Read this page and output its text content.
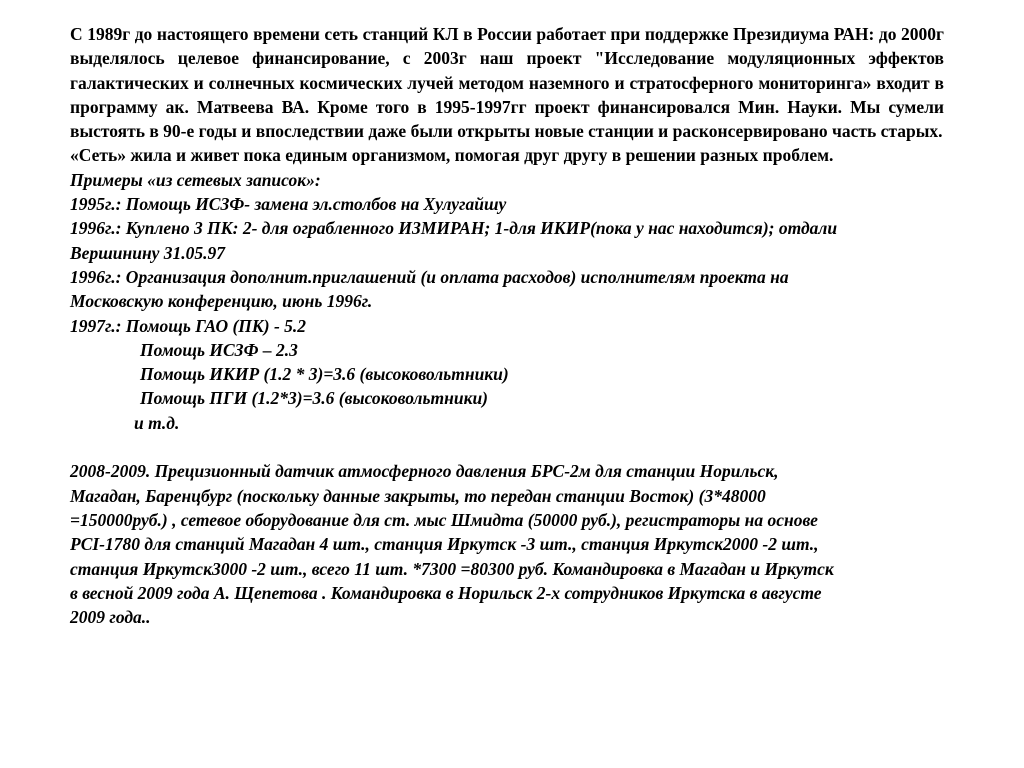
С 1989г до настоящего времени сеть станций КЛ в России работает при поддержке Президиума РАН: до 2000г выделялось целевое финансирование, с 2003г наш проект "Исследование модуляционных эффектов галактических и солнечных космических лучей методом наземного и стратосферного мониторинга» входит в программу ак. Матвеева ВА. Кроме того в 1995-1997гг проект финансировался Мин. Науки. Мы сумели выстоять в 90-е годы и впоследствии даже были открыты новые станции и расконсервировано часть старых.
«Сеть» жила и живет пока единым организмом, помогая друг другу в решении разных проблем.
Примеры «из сетевых записок»:
1995г.: Помощь ИСЗФ- замена эл.столбов на Хулугайшу
1996г.: Куплено 3 ПК: 2- для ограбленного ИЗМИРАН; 1-для ИКИР(пока у нас находится); отдали
Вершинину 31.05.97
1996г.: Организация дополнит.приглашений (и оплата расходов) исполнителям проекта на
Московскую конференцию, июнь 1996г.
1997г.: Помощь ГАО (ПК) - 5.2
Помощь ИСЗФ – 2.3
Помощь ИКИР (1.2 * 3)=3.6 (высоковольтники)
Помощь ПГИ (1.2*3)=3.6 (высоковольтники)
и т.д.
2008-2009. Прецизионный датчик атмосферного давления БРС-2м для станции Норильск,
Магадан, Баренцбург (поскольку данные закрыты, то передан станции Восток) (3*48000
=150000руб.) , сетевое оборудование для ст. мыс Шмидта (50000 руб.), регистраторы на основе
PCI-1780 для станций Магадан 4 шт., станция Иркутск -3 шт., станция Иркутск2000 -2 шт.,
станция Иркутск3000 -2 шт., всего 11 шт. *7300 =80300 руб. Командировка в Магадан и Иркутск
в весной 2009 года А. Щепетова . Командировка в Норильск 2-х сотрудников Иркутска в августе
2009 года..
